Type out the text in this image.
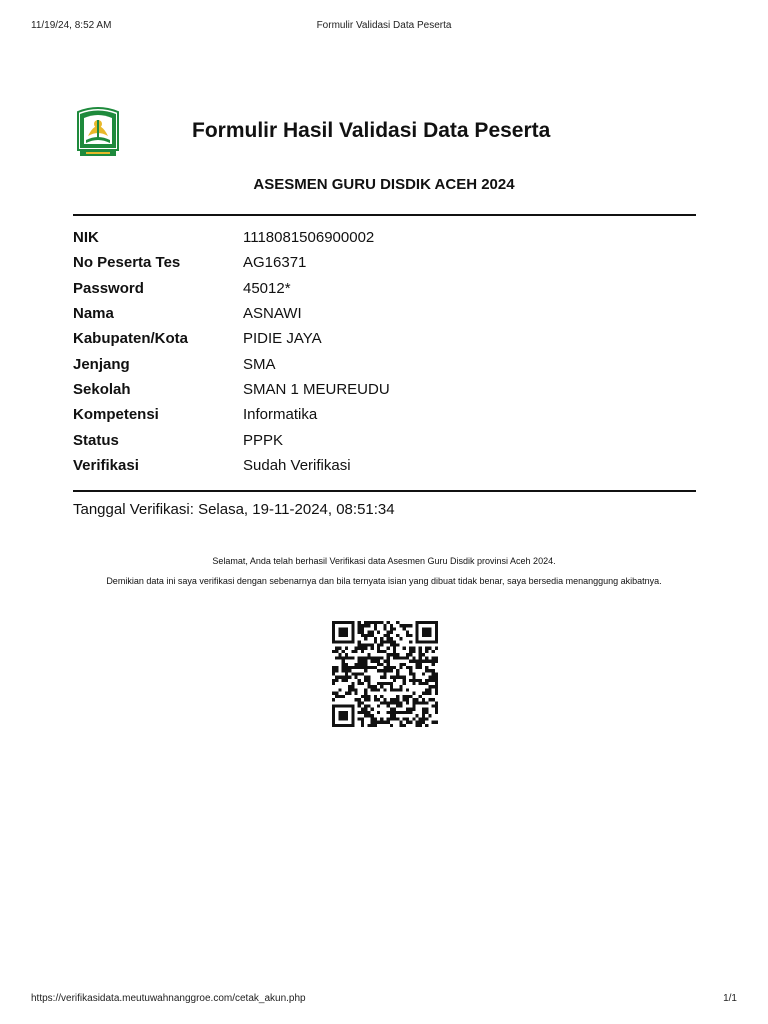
11/19/24, 8:52 AM	Formulir Validasi Data Peserta
Formulir Hasil Validasi Data Peserta
ASESMEN GURU DISDIK ACEH 2024
NIK	1118081506900002
No Peserta Tes	AG16371
Password	45012*
Nama	ASNAWI
Kabupaten/Kota	PIDIE JAYA
Jenjang	SMA
Sekolah	SMAN 1 MEUREUDU
Kompetensi	Informatika
Status	PPPK
Verifikasi	Sudah Verifikasi
Tanggal Verifikasi: Selasa, 19-11-2024, 08:51:34
Selamat, Anda telah berhasil Verifikasi data Asesmen Guru Disdik provinsi Aceh 2024.
Demikian data ini saya verifikasi dengan sebenarnya dan bila ternyata isian yang dibuat tidak benar, saya bersedia menanggung akibatnya.
https://verifikasidata.meutuwahnanggroe.com/cetak_akun.php	1/1
